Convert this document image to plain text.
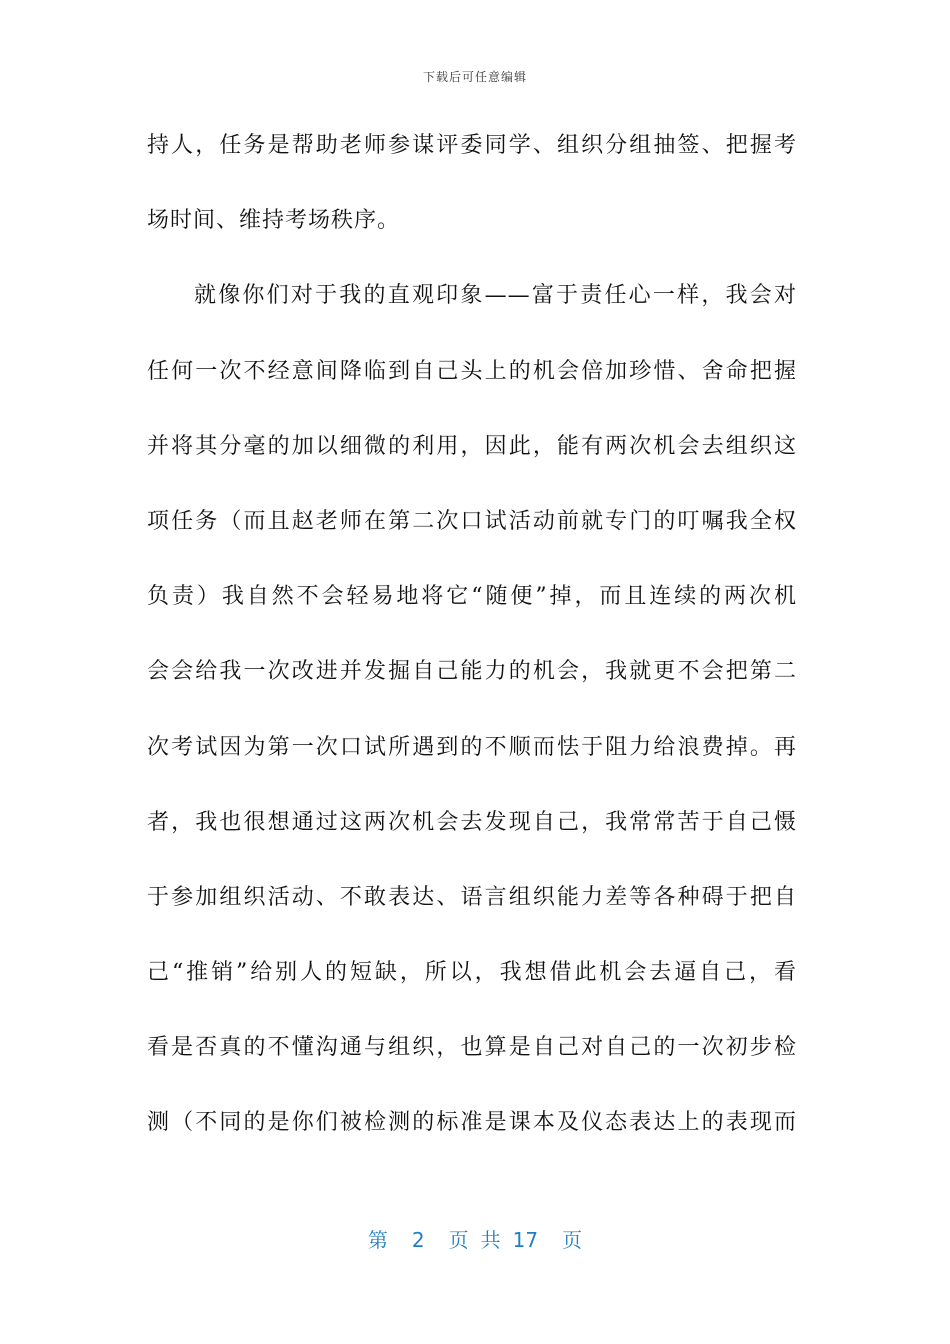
下载后可任意编辑
持人，任务是帮助老师参谋评委同学、组织分组抽签、把握考
场时间、维持考场秩序。
就像你们对于我的直观印象——富于责任心一样，我会对
任何一次不经意间降临到自己头上的机会倍加珍惜、舍命把握
并将其分毫的加以细微的利用，因此，能有两次机会去组织这
项任务（而且赵老师在第二次口试活动前就专门的叮嘱我全权
负责）我自然不会轻易地将它“随便”掉，而且连续的两次机
会会给我一次改进并发掘自己能力的机会，我就更不会把第二
次考试因为第一次口试所遇到的不顺而怯于阻力给浪费掉。再
者，我也很想通过这两次机会去发现自己，我常常苦于自己慑
于参加组织活动、不敢表达、语言组织能力差等各种碍于把自
己“推销”给别人的短缺，所以，我想借此机会去逼自己，看
看是否真的不懂沟通与组织，也算是自己对自己的一次初步检
测（不同的是你们被检测的标准是课本及仪态表达上的表现而
第 2 页 共 17 页
